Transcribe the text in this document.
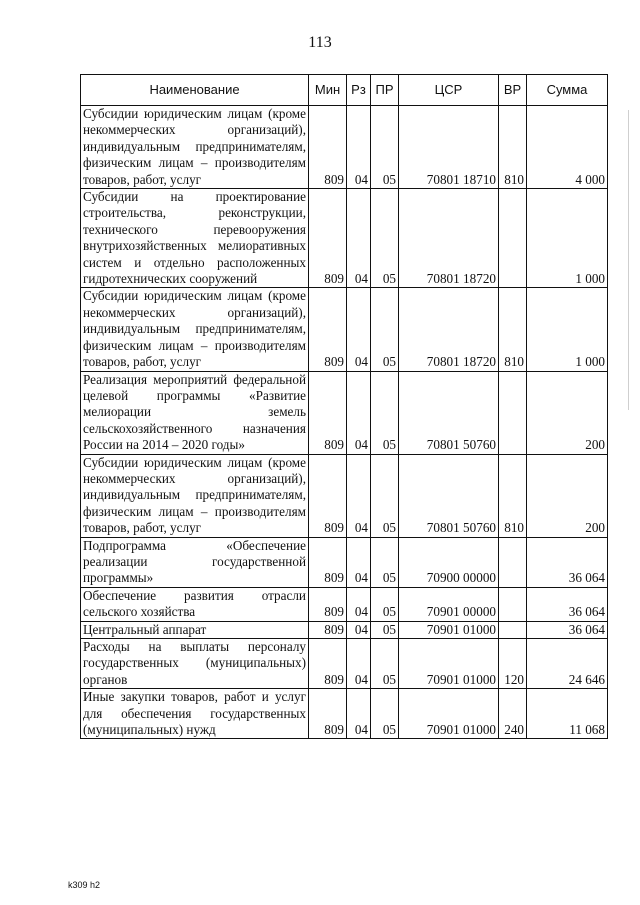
113
Наименование	Мин	Рз	ПР	ЦСР	ВР	Сумма
Субсидии юридическим лицам (кроме некоммерческих организаций), индивидуальным предпринимателям, физическим лицам – производителям товаров, работ, услуг	809	04	05	70801 18710	810	4 000
Субсидии на проектирование строительства, реконструкции, технического перевооружения внутрихозяйственных мелиоративных систем и отдельно расположенных гидротехнических сооружений	809	04	05	70801 18720		1 000
Субсидии юридическим лицам (кроме некоммерческих организаций), индивидуальным предпринимателям, физическим лицам – производителям товаров, работ, услуг	809	04	05	70801 18720	810	1 000
Реализация мероприятий федеральной целевой программы «Развитие мелиорации земель сельскохозяйственного назначения России на 2014 – 2020 годы»	809	04	05	70801 50760		200
Субсидии юридическим лицам (кроме некоммерческих организаций), индивидуальным предпринимателям, физическим лицам – производителям товаров, работ, услуг	809	04	05	70801 50760	810	200
Подпрограмма «Обеспечение реализации государственной программы»	809	04	05	70900 00000		36 064
Обеспечение развития отрасли сельского хозяйства	809	04	05	70901 00000		36 064
Центральный аппарат	809	04	05	70901 01000		36 064
Расходы на выплаты персоналу государственных (муниципальных) органов	809	04	05	70901 01000	120	24 646
Иные закупки товаров, работ и услуг для обеспечения государственных (муниципальных) нужд	809	04	05	70901 01000	240	11 068
k309 h2
